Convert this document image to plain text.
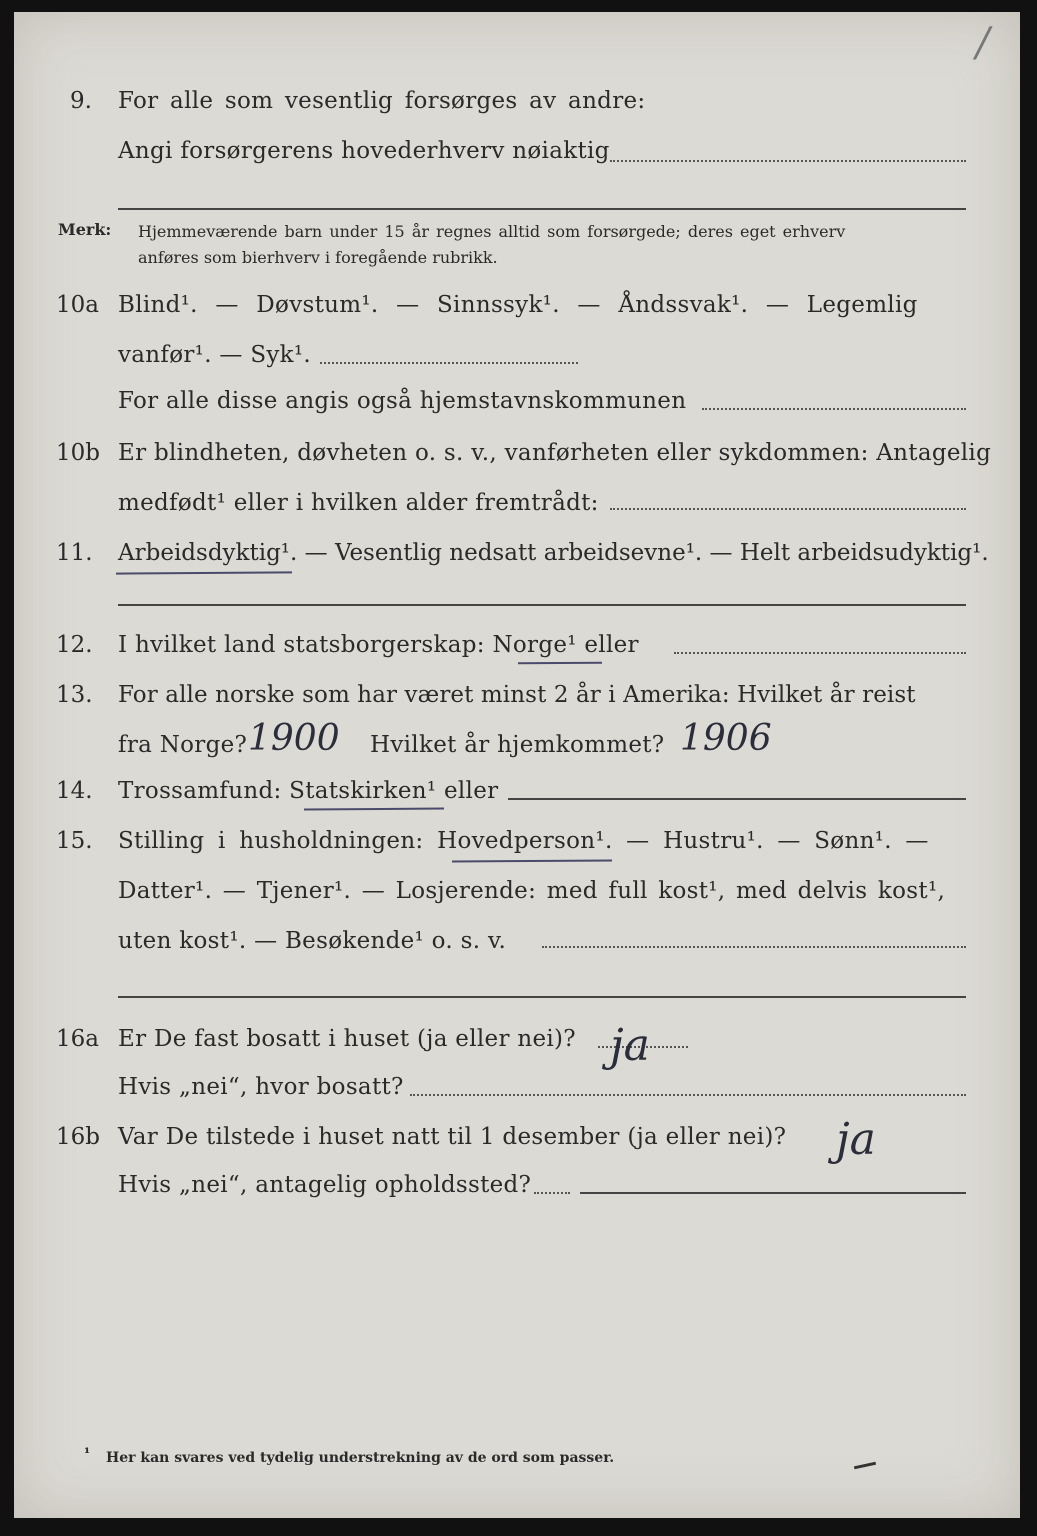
/
9. For alle som vesentlig forsørges av andre:
Angi forsørgerens hovederhverv nøiaktig
Merk: Hjemmeværende barn under 15 år regnes alltid som forsørgede; deres eget erhverv
anføres som bierhverv i foregående rubrikk.
10a Blind¹. — Døvstum¹. — Sinnssyk¹. — Åndssvak¹. — Legemlig
vanfør¹. — Syk¹.
For alle disse angis også hjemstavnskommunen
10b Er blindheten, døvheten o. s. v., vanførheten eller sykdommen: Antagelig
medfødt¹ eller i hvilken alder fremtrådt:
11. Arbeidsdyktig¹. — Vesentlig nedsatt arbeidsevne¹. — Helt arbeidsudyktig¹.
12. I hvilket land statsborgerskap: Norge¹ eller
13. For alle norske som har været minst 2 år i Amerika: Hvilket år reist
fra Norge? 1900 Hvilket år hjemkommet? 1906
14. Trossamfund: Statskirken¹ eller
15. Stilling i husholdningen: Hovedperson¹. — Hustru¹. — Sønn¹. —
Datter¹. — Tjener¹. — Losjerende: med full kost¹, med delvis kost¹,
uten kost¹. — Besøkende¹ o. s. v.
16a Er De fast bosatt i huset (ja eller nei)? ja
Hvis „nei“, hvor bosatt?
16b Var De tilstede i huset natt til 1 desember (ja eller nei)? ja
Hvis „nei“, antagelig opholdssted?
¹ Her kan svares ved tydelig understrekning av de ord som passer.
